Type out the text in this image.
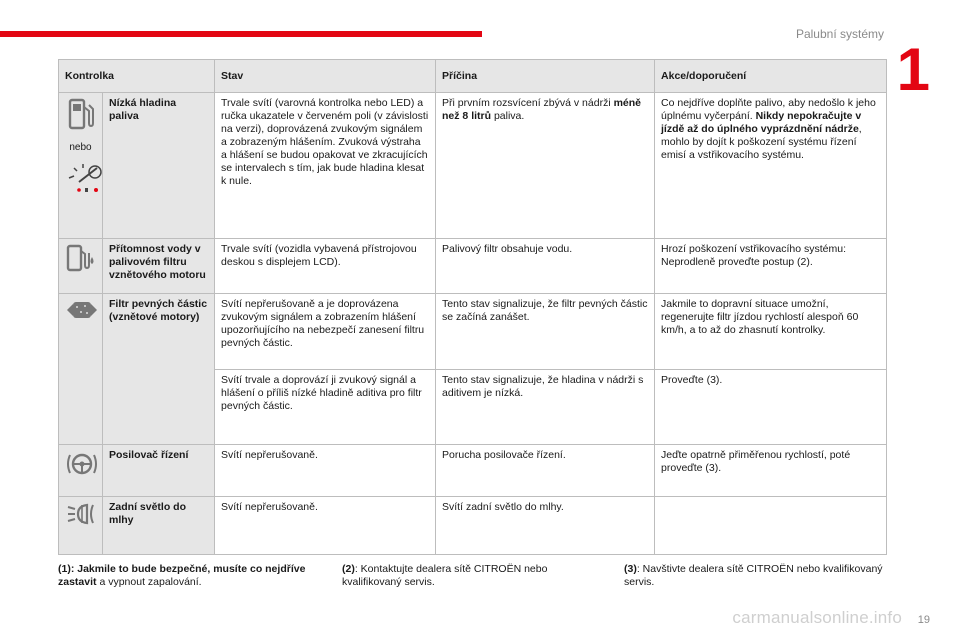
Palubní systémy
1
Kontrolka		Stav	Příčina	Akce/doporučení

nebo	Nízká hladina paliva	Trvale svítí (varovná kontrolka nebo LED) a ručka ukazatele v červeném poli (v závislosti na verzi), doprovázená zvukovým signálem a zobrazeným hlášením. Zvuková výstraha a hlášení se budou opakovat ve zkracujících se intervalech s tím, jak bude hladina klesat k nule.	Při prvním rozsvícení zbývá v nádrži méně než 8 litrů paliva.	Co nejdříve doplňte palivo, aby nedošlo k jeho úplnému vyčerpání. Nikdy nepokračujte v jízdě až do úplného vyprázdnění nádrže, mohlo by dojít k poškození systému řízení emisí a vstřikovacího systému.

	Přítomnost vody v palivovém filtru vznětového motoru	Trvale svítí (vozidla vybavená přístrojovou deskou s displejem LCD).	Palivový filtr obsahuje vodu.	Hrozí poškození vstřikovacího systému: Neprodleně proveďte postup (2).

	Filtr pevných částic (vznětové motory)	Svítí nepřerušovaně a je doprovázena zvukovým signálem a zobrazením hlášení upozorňujícího na nebezpečí zanesení filtru pevných částic.	Tento stav signalizuje, že filtr pevných částic se začíná zanášet.	Jakmile to dopravní situace umožní, regenerujte filtr jízdou rychlostí alespoň 60 km/h, a to až do zhasnutí kontrolky.
		Svítí trvale a doprovází ji zvukový signál a hlášení o příliš nízké hladině aditiva pro filtr pevných částic.	Tento stav signalizuje, že hladina v nádrži s aditivem je nízká.	Proveďte (3).

	Posilovač řízení	Svítí nepřerušovaně.	Porucha posilovače řízení.	Jeďte opatrně přiměřenou rychlostí, poté proveďte (3).

	Zadní světlo do mlhy	Svítí nepřerušovaně.	Svítí zadní světlo do mlhy.	
(1): Jakmile to bude bezpečné, musíte co nejdříve zastavit a vypnout zapalování.
(2): Kontaktujte dealera sítě CITROËN nebo kvalifikovaný servis.
(3): Navštivte dealera sítě CITROËN nebo kvalifikovaný servis.
carmanualsonline.info 19
